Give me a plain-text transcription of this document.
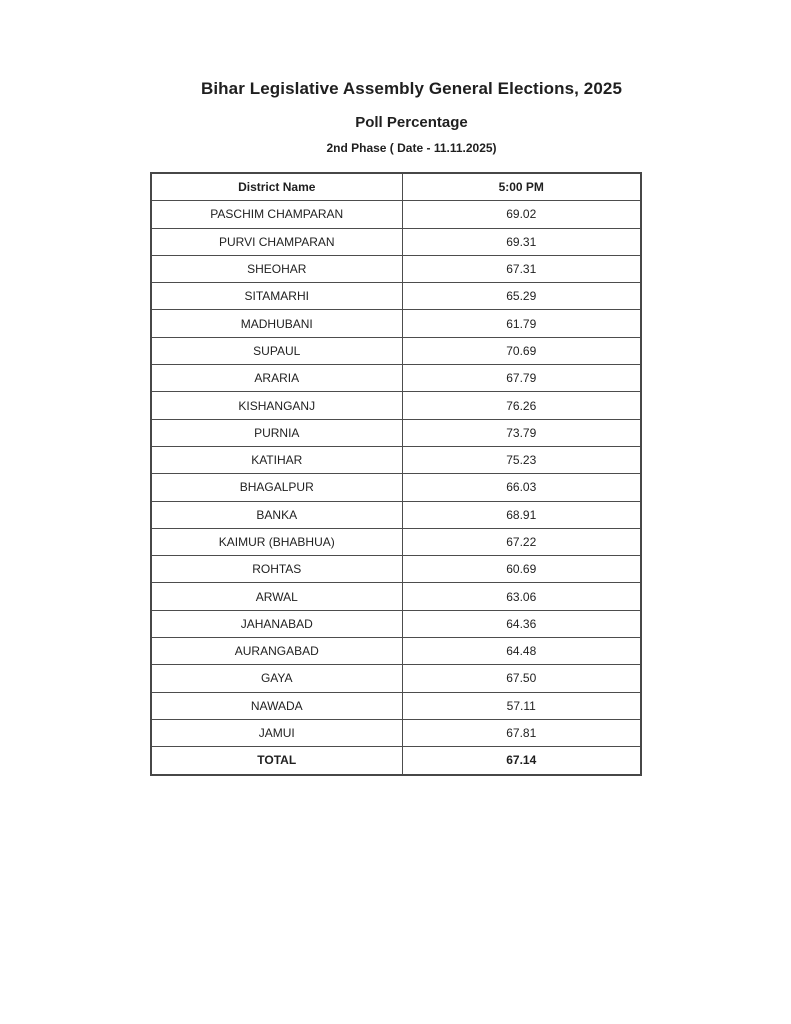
Bihar Legislative Assembly General Elections, 2025
Poll Percentage
2nd Phase ( Date - 11.11.2025)
District Name	5:00 PM
PASCHIM CHAMPARAN	69.02
PURVI CHAMPARAN	69.31
SHEOHAR	67.31
SITAMARHI	65.29
MADHUBANI	61.79
SUPAUL	70.69
ARARIA	67.79
KISHANGANJ	76.26
PURNIA	73.79
KATIHAR	75.23
BHAGALPUR	66.03
BANKA	68.91
KAIMUR (BHABHUA)	67.22
ROHTAS	60.69
ARWAL	63.06
JAHANABAD	64.36
AURANGABAD	64.48
GAYA	67.50
NAWADA	57.11
JAMUI	67.81
TOTAL	67.14
